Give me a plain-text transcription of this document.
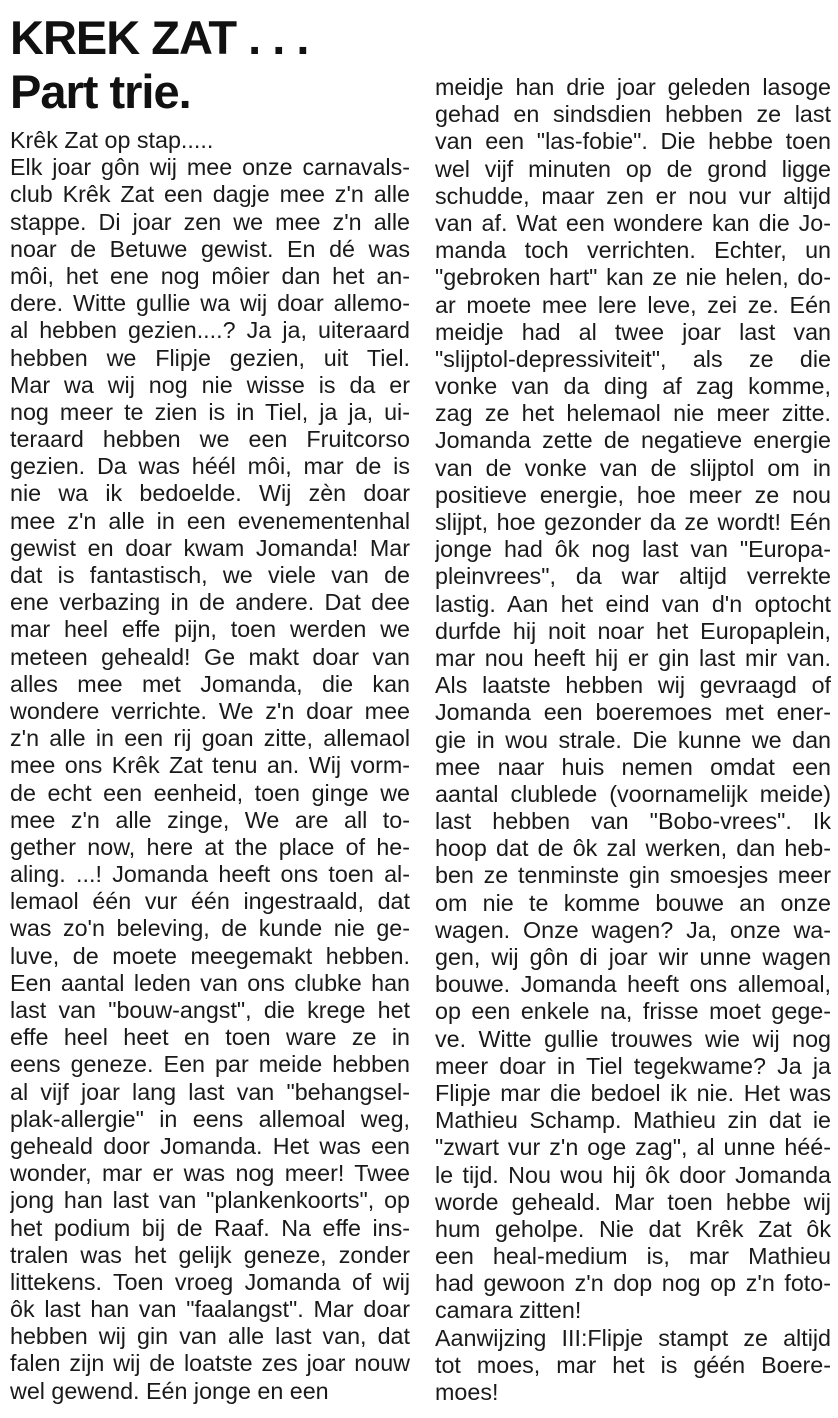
KREK ZAT . . .
Part trie.
Krêk Zat op stap.....
Elk joar gôn wij mee onze carnavals-
club Krêk Zat een dagje mee z'n alle
stappe. Di joar zen we mee z'n alle
noar de Betuwe gewist. En dé was
môi, het ene nog môier dan het an-
dere. Witte gullie wa wij doar allemo-
al hebben gezien....? Ja ja, uiteraard
hebben we Flipje gezien, uit Tiel.
Mar wa wij nog nie wisse is da er
nog meer te zien is in Tiel, ja ja, ui-
teraard hebben we een Fruitcorso
gezien. Da was héél môi, mar de is
nie wa ik bedoelde. Wij zèn doar
mee z'n alle in een evenementenhal
gewist en doar kwam Jomanda! Mar
dat is fantastisch, we viele van de
ene verbazing in de andere. Dat dee
mar heel effe pijn, toen werden we
meteen geheald! Ge makt doar van
alles mee met Jomanda, die kan
wondere verrichte. We z'n doar mee
z'n alle in een rij goan zitte, allemaol
mee ons Krêk Zat tenu an. Wij vorm-
de echt een eenheid, toen ginge we
mee z'n alle zinge, We are all to-
gether now, here at the place of he-
aling. ...! Jomanda heeft ons toen al-
lemaol één vur één ingestraald, dat
was zo'n beleving, de kunde nie ge-
luve, de moete meegemakt hebben.
Een aantal leden van ons clubke han
last van "bouw-angst", die krege het
effe heel heet en toen ware ze in
eens geneze. Een par meide hebben
al vijf joar lang last van "behangsel-
plak-allergie" in eens allemoal weg,
geheald door Jomanda. Het was een
wonder, mar er was nog meer! Twee
jong han last van "plankenkoorts", op
het podium bij de Raaf. Na effe ins-
tralen was het gelijk geneze, zonder
littekens. Toen vroeg Jomanda of wij
ôk last han van "faalangst". Mar doar
hebben wij gin van alle last van, dat
falen zijn wij de loatste zes joar nouw
wel gewend. Eén jonge en een
meidje han drie joar geleden lasoge
gehad en sindsdien hebben ze last
van een "las-fobie". Die hebbe toen
wel vijf minuten op de grond ligge
schudde, maar zen er nou vur altijd
van af. Wat een wondere kan die Jo-
manda toch verrichten. Echter, un
"gebroken hart" kan ze nie helen, do-
ar moete mee lere leve, zei ze. Eén
meidje had al twee joar last van
"slijptol-depressiviteit", als ze die
vonke van da ding af zag komme,
zag ze het helemaol nie meer zitte.
Jomanda zette de negatieve energie
van de vonke van de slijptol om in
positieve energie, hoe meer ze nou
slijpt, hoe gezonder da ze wordt! Eén
jonge had ôk nog last van "Europa-
pleinvrees", da war altijd verrekte
lastig. Aan het eind van d'n optocht
durfde hij noit noar het Europaplein,
mar nou heeft hij er gin last mir van.
Als laatste hebben wij gevraagd of
Jomanda een boeremoes met ener-
gie in wou strale. Die kunne we dan
mee naar huis nemen omdat een
aantal clublede (voornamelijk meide)
last hebben van "Bobo-vrees". Ik
hoop dat de ôk zal werken, dan heb-
ben ze tenminste gin smoesjes meer
om nie te komme bouwe an onze
wagen. Onze wagen? Ja, onze wa-
gen, wij gôn di joar wir unne wagen
bouwe. Jomanda heeft ons allemoal,
op een enkele na, frisse moet gege-
ve. Witte gullie trouwes wie wij nog
meer doar in Tiel tegekwame? Ja ja
Flipje mar die bedoel ik nie. Het was
Mathieu Schamp. Mathieu zin dat ie
"zwart vur z'n oge zag", al unne héé-
le tijd. Nou wou hij ôk door Jomanda
worde geheald. Mar toen hebbe wij
hum geholpe. Nie dat Krêk Zat ôk
een heal-medium is, mar Mathieu
had gewoon z'n dop nog op z'n foto-
camara zitten!
Aanwijzing III:Flipje stampt ze altijd
tot moes, mar het is géén Boere-
moes!
